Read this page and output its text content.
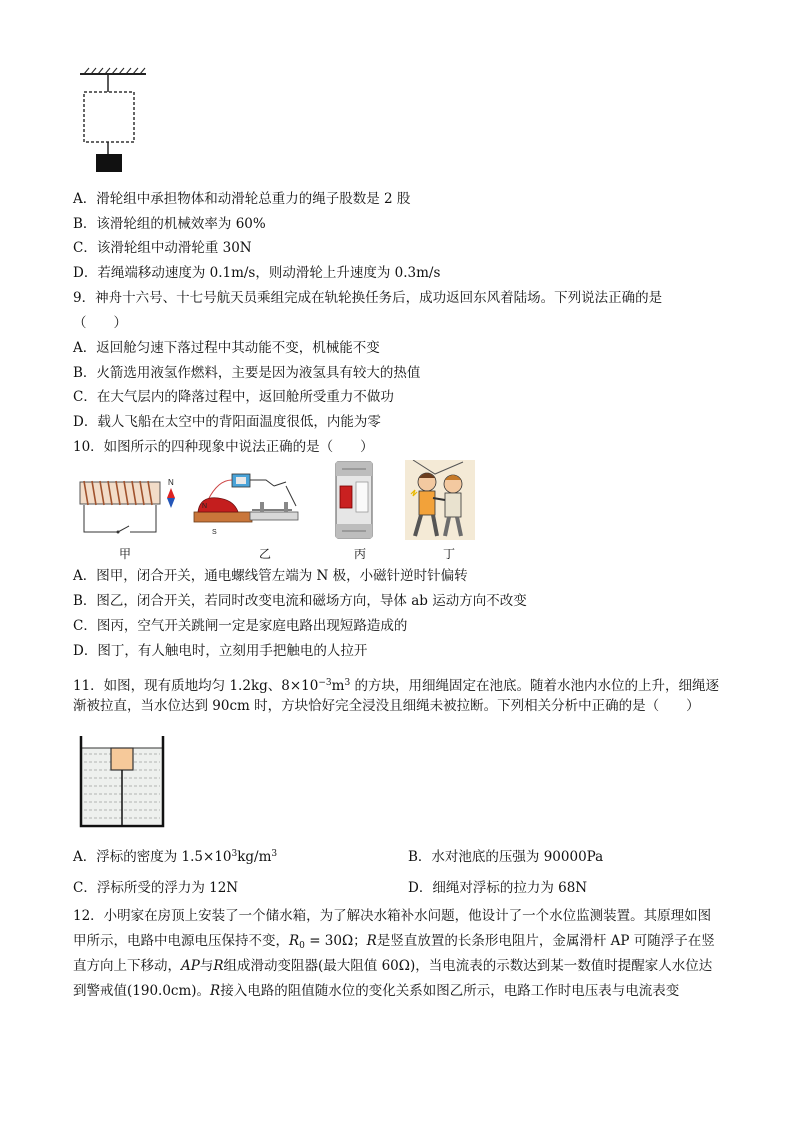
A．滑轮组中承担物体和动滑轮总重力的绳子股数是 2 股
B．该滑轮组的机械效率为 60%
C．该滑轮组中动滑轮重 30N
D．若绳端移动速度为 0.1m/s，则动滑轮上升速度为 0.3m/s
9．神舟十六号、十七号航天员乘组完成在轨轮换任务后，成功返回东风着陆场。下列说法正确的是
（　　）
A．返回舱匀速下落过程中其动能不变，机械能不变
B．火箭选用液氢作燃料，主要是因为液氢具有较大的热值
C．在大气层内的降落过程中，返回舱所受重力不做功
D．载人飞船在太空中的背阳面温度很低，内能为零
10．如图所示的四种现象中说法正确的是（　　）
N
N
S
甲	乙	丙	丁
A．图甲，闭合开关，通电螺线管左端为 N 极，小磁针逆时针偏转
B．图乙，闭合开关，若同时改变电流和磁场方向，导体 ab 运动方向不改变
C．图丙，空气开关跳闸一定是家庭电路出现短路造成的
D．图丁，有人触电时，立刻用手把触电的人拉开
11．如图，现有质地均匀 1.2kg、$8\times 10^{-3}m^3$ 的方块，用细绳固定在池底。随着水池内水位的上升，细绳逐渐被拉直，当水位达到 90cm 时，方块恰好完全浸没且细绳未被拉断。下列相关分析中正确的是（　　）
A．浮标的密度为 $1.5\times 10^3kg/m^3$	B．水对池底的压强为 90000Pa
C．浮标所受的浮力为 12N	D．细绳对浮标的拉力为 68N
12．小明家在房顶上安装了一个储水箱，为了解决水箱补水问题，他设计了一个水位监测装置。其原理如图甲所示，电路中电源电压保持不变，$R_0 = 30\Omega$；R是竖直放置的长条形电阻片，金属滑杆 AP 可随浮子在竖直方向上下移动，AP与R组成滑动变阻器(最大阻值 60Ω)，当电流表的示数达到某一数值时提醒家人水位达到警戒值(190.0cm)。R接入电路的阻值随水位的变化关系如图乙所示，电路工作时电压表与电流表变
